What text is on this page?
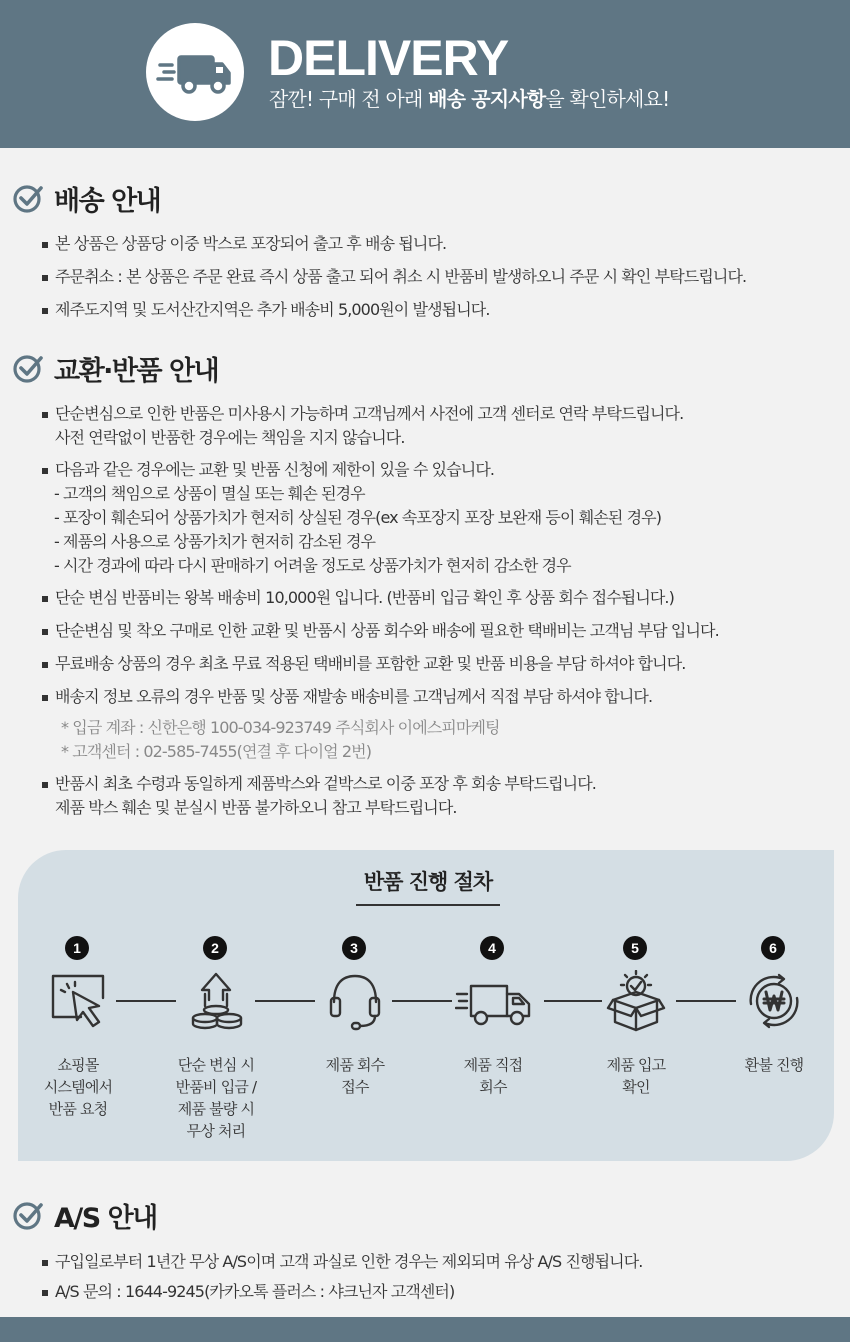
DELIVERY
잠깐! 구매 전 아래 배송 공지사항을 확인하세요!
배송 안내
본 상품은 상품당 이중 박스로 포장되어 출고 후 배송 됩니다.
주문취소 : 본 상품은 주문 완료 즉시 상품 출고 되어 취소 시 반품비 발생하오니 주문 시 확인 부탁드립니다.
제주도지역 및 도서산간지역은 추가 배송비 5,000원이 발생됩니다.
교환·반품 안내
단순변심으로 인한 반품은 미사용시 가능하며 고객님께서 사전에 고객 센터로 연락 부탁드립니다.
사전 연락없이 반품한 경우에는 책임을 지지 않습니다.
다음과 같은 경우에는 교환 및 반품 신청에 제한이 있을 수 있습니다.
- 고객의 책임으로 상품이 멸실 또는 훼손 된경우
- 포장이 훼손되어 상품가치가 현저히 상실된 경우(ex 속포장지 포장 보완재 등이 훼손된 경우)
- 제품의 사용으로 상품가치가 현저히 감소된 경우
- 시간 경과에 따라 다시 판매하기 어려울 정도로 상품가치가 현저히 감소한 경우
단순 변심 반품비는 왕복 배송비 10,000원 입니다. (반품비 입금 확인 후 상품 회수 접수됩니다.)
단순변심 및 착오 구매로 인한 교환 및 반품시 상품 회수와 배송에 필요한 택배비는 고객님 부담 입니다.
무료배송 상품의 경우 최초 무료 적용된 택배비를 포함한 교환 및 반품 비용을 부담 하셔야 합니다.
배송지 정보 오류의 경우 반품 및 상품 재발송 배송비를 고객님께서 직접 부담 하셔야 합니다.
* 입금 계좌 : 신한은행 100-034-923749 주식회사 이에스피마케팅
* 고객센터 : 02-585-7455(연결 후 다이얼 2번)
반품시 최초 수령과 동일하게 제품박스와 겉박스로 이중 포장 후 회송 부탁드립니다.
제품 박스 훼손 및 분실시 반품 불가하오니 참고 부탁드립니다.
반품 진행 절차
1
쇼핑몰
시스템에서
반품 요청
2
단순 변심 시
반품비 입금 /
제품 불량 시
무상 처리
3
제품 회수
접수
4
제품 직접
회수
5
제품 입고
확인
6
환불 진행
A/S 안내
구입일로부터 1년간 무상 A/S이며 고객 과실로 인한 경우는 제외되며 유상 A/S 진행됩니다.
A/S 문의 : 1644-9245(카카오톡 플러스 : 샤크닌자 고객센터)
